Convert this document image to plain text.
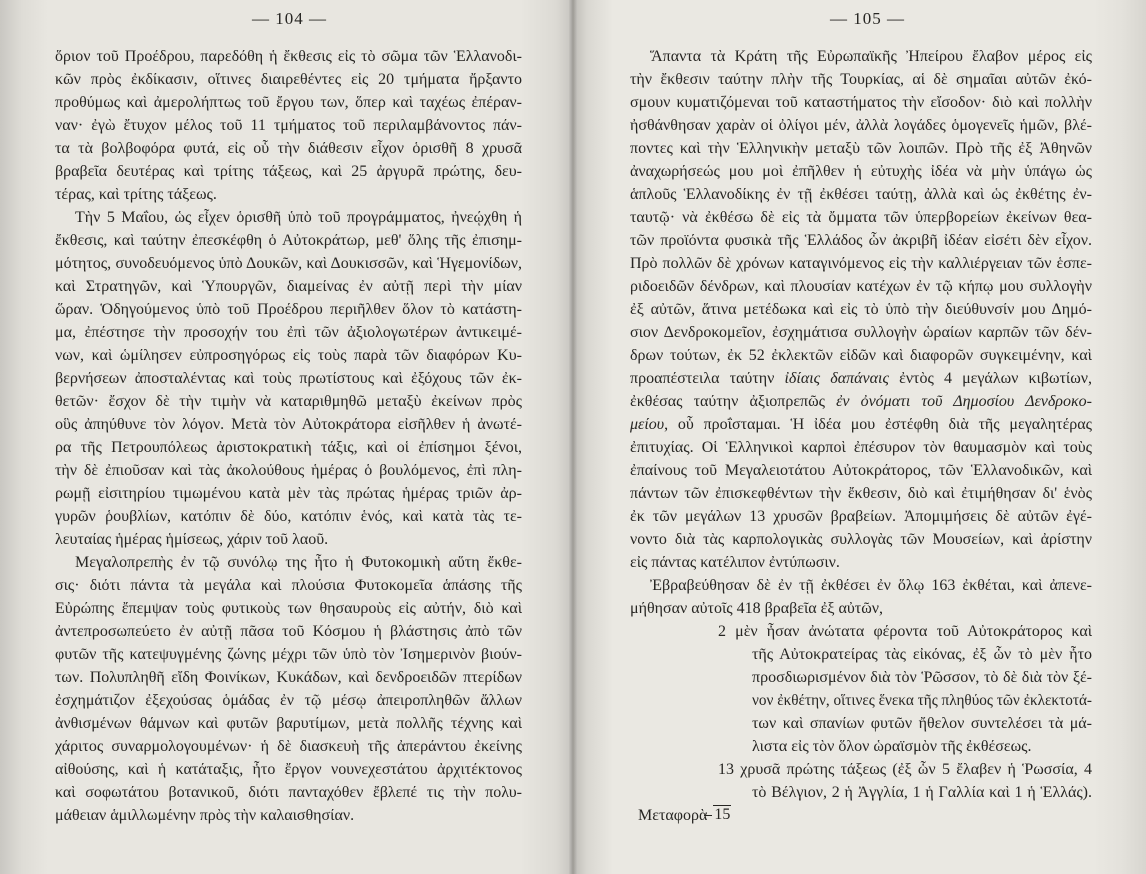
— 104 —
ὅριον τοῦ Προέδρου, παρεδόθη ἡ ἔκθεσις εἰς τὸ σῶμα τῶν Ἑλλανοδι-
κῶν πρὸς ἐκδίκασιν, οἵτινες διαιρεθέντες εἰς 20 τμήματα ἤρξαντο
προθύμως καὶ ἀμερολήπτως τοῦ ἔργου των, ὅπερ καὶ ταχέως ἐπέραν-
ναν· ἐγὼ ἔτυχον μέλος τοῦ 11 τμήματος τοῦ περιλαμβάνοντος πάν-
τα τὰ βολβοφόρα φυτά, εἰς οὗ τὴν διάθεσιν εἶχον ὁρισθῆ 8 χρυσᾶ
βραβεῖα δευτέρας καὶ τρίτης τάξεως, καὶ 25 ἀργυρᾶ πρώτης, δευ-
τέρας, καὶ τρίτης τάξεως.
Τὴν 5 Μαΐου, ὡς εἶχεν ὁρισθῆ ὑπὸ τοῦ προγράμματος, ἠνεῴχθη ἡ
ἔκθεσις, καὶ ταύτην ἐπεσκέφθη ὁ Αὐτοκράτωρ, μεθ' ὅλης τῆς ἐπισημ-
μότητος, συνοδευόμενος ὑπὸ Δουκῶν, καὶ Δουκισσῶν, καὶ Ἡγεμονίδων,
καὶ Στρατηγῶν, καὶ Ὑπουργῶν, διαμείνας ἐν αὐτῇ περὶ τὴν μίαν
ὥραν. Ὁδηγούμενος ὑπὸ τοῦ Προέδρου περιῆλθεν ὅλον τὸ κατάστη-
μα, ἐπέστησε τὴν προσοχήν του ἐπὶ τῶν ἀξιολογωτέρων ἀντικειμέ-
νων, καὶ ὡμίλησεν εὐπροσηγόρως εἰς τοὺς παρὰ τῶν διαφόρων Κυ-
βερνήσεων ἀποσταλέντας καὶ τοὺς πρωτίστους καὶ ἐξόχους τῶν ἐκ-
θετῶν· ἔσχον δὲ τὴν τιμὴν νὰ καταριθμηθῶ μεταξὺ ἐκείνων πρὸς
οὓς ἀπηύθυνε τὸν λόγον. Μετὰ τὸν Αὐτοκράτορα εἰσῆλθεν ἡ ἀνωτέ-
ρα τῆς Πετρουπόλεως ἀριστοκρατικὴ τάξις, καὶ οἱ ἐπίσημοι ξένοι,
τὴν δὲ ἐπιοῦσαν καὶ τὰς ἀκολούθους ἡμέρας ὁ βουλόμενος, ἐπὶ πλη-
ρωμῇ εἰσιτηρίου τιμωμένου κατὰ μὲν τὰς πρώτας ἡμέρας τριῶν ἀρ-
γυρῶν ῥουβλίων, κατόπιν δὲ δύο, κατόπιν ἑνός, καὶ κατὰ τὰς τε-
λευταίας ἡμέρας ἡμίσεως, χάριν τοῦ λαοῦ.
Μεγαλοπρεπὴς ἐν τῷ συνόλῳ της ἦτο ἡ Φυτοκομικὴ αὕτη ἔκθε-
σις· διότι πάντα τὰ μεγάλα καὶ πλούσια Φυτοκομεῖα ἁπάσης τῆς
Εὐρώπης ἔπεμψαν τοὺς φυτικοὺς των θησαυροὺς εἰς αὐτήν, διὸ καὶ
ἀντεπροσωπεύετο ἐν αὐτῇ πᾶσα τοῦ Κόσμου ἡ βλάστησις ἀπὸ τῶν
φυτῶν τῆς κατεψυγμένης ζώνης μέχρι τῶν ὑπὸ τὸν Ἰσημερινὸν βιούν-
των. Πολυπληθῆ εἴδη Φοινίκων, Κυκάδων, καὶ δενδροειδῶν πτερίδων
ἐσχημάτιζον ἐξεχούσας ὁμάδας ἐν τῷ μέσῳ ἀπειροπληθῶν ἄλλων
ἀνθισμένων θάμνων καὶ φυτῶν βαρυτίμων, μετὰ πολλῆς τέχνης καὶ
χάριτος συναρμολογουμένων· ἡ δὲ διασκευὴ τῆς ἀπεράντου ἐκείνης
αἰθούσης, καὶ ἡ κατάταξις, ἦτο ἔργον νουνεχεστάτου ἀρχιτέκτονος
καὶ σοφωτάτου βοτανικοῦ, διότι πανταχόθεν ἔβλεπέ τις τὴν πολυ-
μάθειαν ἁμιλλωμένην πρὸς τὴν καλαισθησίαν.
— 105 —
Ἅπαντα τὰ Κράτη τῆς Εὐρωπαϊκῆς Ἠπείρου ἔλαβον μέρος εἰς
τὴν ἔκθεσιν ταύτην πλὴν τῆς Τουρκίας, αἱ δὲ σημαῖαι αὐτῶν ἐκό-
σμουν κυματιζόμεναι τοῦ καταστήματος τὴν εἴσοδον· διὸ καὶ πολλὴν
ἠσθάνθησαν χαρὰν οἱ ὀλίγοι μέν, ἀλλὰ λογάδες ὁμογενεῖς ἡμῶν, βλέ-
ποντες καὶ τὴν Ἑλληνικὴν μεταξὺ τῶν λοιπῶν. Πρὸ τῆς ἐξ Ἀθηνῶν
ἀναχωρήσεώς μου μοὶ ἐπῆλθεν ἡ εὐτυχὴς ἰδέα νὰ μὴν ὑπάγω ὡς
ἁπλοῦς Ἑλλανοδίκης ἐν τῇ ἐκθέσει ταύτῃ, ἀλλὰ καὶ ὡς ἐκθέτης ἐν-
ταυτῷ· νὰ ἐκθέσω δὲ εἰς τὰ ὄμματα τῶν ὑπερβορείων ἐκείνων θεα-
τῶν προϊόντα φυσικὰ τῆς Ἑλλάδος ὧν ἀκριβῆ ἰδέαν εἰσέτι δὲν εἶχον.
Πρὸ πολλῶν δὲ χρόνων καταγινόμενος εἰς τὴν καλλιέργειαν τῶν ἑσπε-
ριδοειδῶν δένδρων, καὶ πλουσίαν κατέχων ἐν τῷ κήπῳ μου συλλογὴν
ἐξ αὐτῶν, ἅτινα μετέδωκα καὶ εἰς τὸ ὑπὸ τὴν διεύθυνσίν μου Δημό-
σιον Δενδροκομεῖον, ἐσχημάτισα συλλογὴν ὡραίων καρπῶν τῶν δέν-
δρων τούτων, ἐκ 52 ἐκλεκτῶν εἰδῶν καὶ διαφορῶν συγκειμένην, καὶ
προαπέστειλα ταύτην ἰδίαις δαπάναις ἐντὸς 4 μεγάλων κιβωτίων,
ἐκθέσας ταύτην ἀξιοπρεπῶς ἐν ὀνόματι τοῦ Δημοσίου Δενδροκο-
μείου, οὗ προΐσταμαι. Ἡ ἰδέα μου ἐστέφθη διὰ τῆς μεγαλητέρας
ἐπιτυχίας. Οἱ Ἑλληνικοὶ καρποὶ ἐπέσυρον τὸν θαυμασμὸν καὶ τοὺς
ἐπαίνους τοῦ Μεγαλειοτάτου Αὐτοκράτορος, τῶν Ἑλλανοδικῶν, καὶ
πάντων τῶν ἐπισκεφθέντων τὴν ἔκθεσιν, διὸ καὶ ἐτιμήθησαν δι' ἑνὸς
ἐκ τῶν μεγάλων 13 χρυσῶν βραβείων. Ἀπομιμήσεις δὲ αὐτῶν ἐγέ-
νοντο διὰ τὰς καρπολογικὰς συλλογὰς τῶν Μουσείων, καὶ ἀρίστην
εἰς πάντας κατέλιπον ἐντύπωσιν.
Ἐβραβεύθησαν δὲ ἐν τῇ ἐκθέσει ἐν ὅλῳ 163 ἐκθέται, καὶ ἀπενε-
μήθησαν αὐτοῖς 418 βραβεῖα ἐξ αὐτῶν,
2 μὲν ἦσαν ἀνώτατα φέροντα τοῦ Αὐτοκράτορος καὶ
τῆς Αὐτοκρατείρας τὰς εἰκόνας, ἐξ ὧν τὸ μὲν ἦτο
προσδιωρισμένον διὰ τὸν Ῥῶσσον, τὸ δὲ διὰ τὸν ξέ-
νον ἐκθέτην, οἵτινες ἕνεκα τῆς πληθύος τῶν ἐκλεκτοτά-
των καὶ σπανίων φυτῶν ἤθελον συντελέσει τὰ μά-
λιστα εἰς τὸν ὅλον ὡραϊσμὸν τῆς ἐκθέσεως.
13 χρυσᾶ πρώτης τάξεως (ἐξ ὧν 5 ἔλαβεν ἡ Ῥωσσία, 4
τὸ Βέλγιον, 2 ἡ Ἀγγλία, 1 ἡ Γαλλία καὶ 1 ἡ Ἑλλάς).
Μεταφορὰ 15
